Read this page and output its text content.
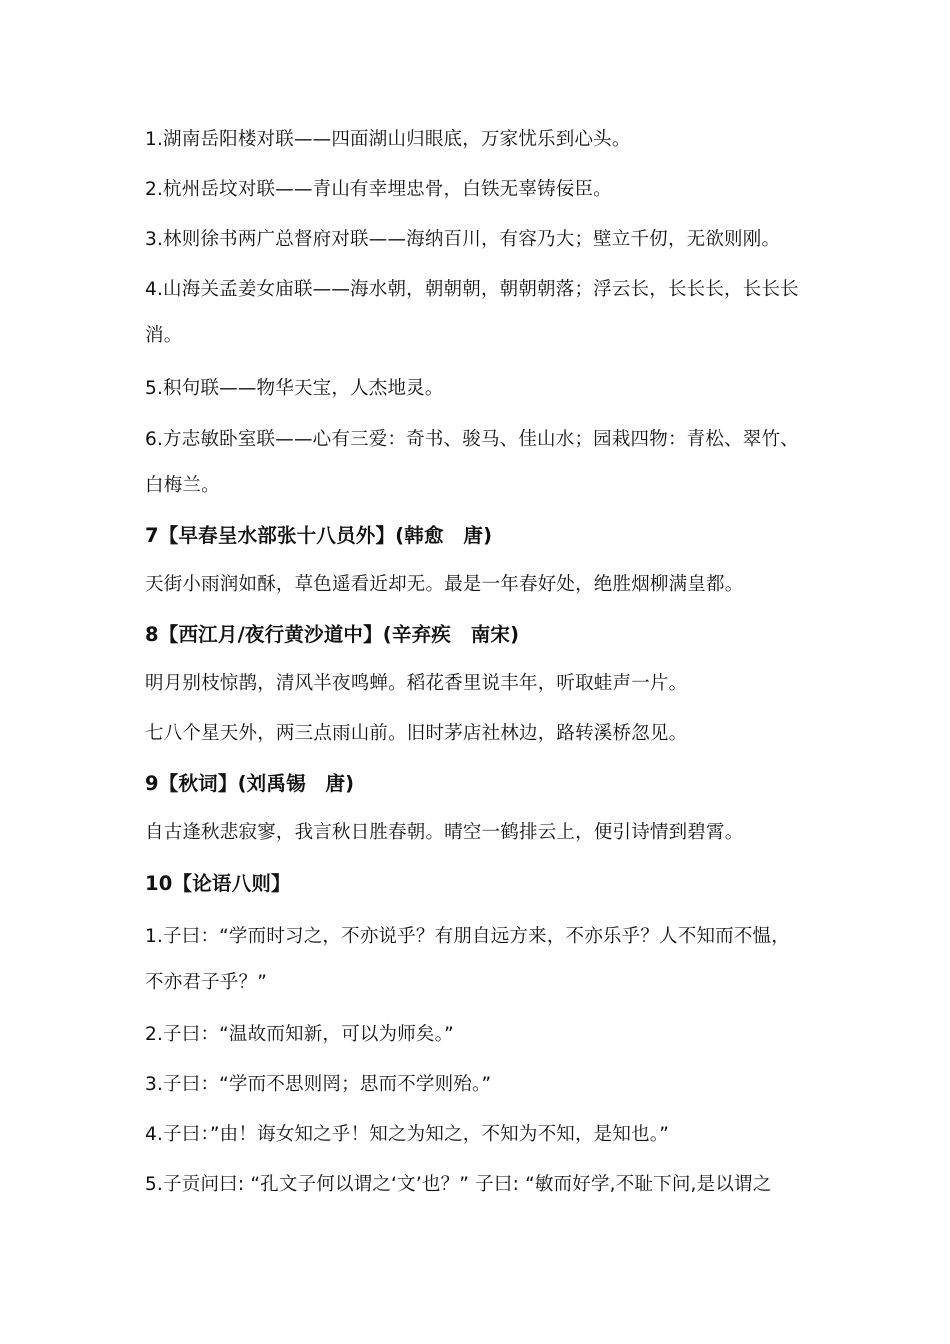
1.湖南岳阳楼对联——四面湖山归眼底，万家忧乐到心头。
2.杭州岳坟对联——青山有幸埋忠骨，白铁无辜铸佞臣。
3.林则徐书两广总督府对联——海纳百川，有容乃大；壁立千仞，无欲则刚。
4.山海关孟姜女庙联——海水朝，朝朝朝，朝朝朝落；浮云长，长长长，长长长
消。
5.积句联——物华天宝，人杰地灵。
6.方志敏卧室联——心有三爱：奇书、骏马、佳山水；园栽四物：青松、翠竹、
白梅兰。
7【早春呈水部张十八员外】(韩愈　唐)
天街小雨润如酥，草色遥看近却无。最是一年春好处，绝胜烟柳满皇都。
8【西江月/夜行黄沙道中】(辛弃疾　南宋)
明月别枝惊鹊，清风半夜鸣蝉。稻花香里说丰年，听取蛙声一片。
七八个星天外，两三点雨山前。旧时茅店社林边，路转溪桥忽见。
9【秋词】(刘禹锡　唐)
自古逢秋悲寂寥，我言秋日胜春朝。晴空一鹤排云上，便引诗情到碧霄。
10【论语八则】
1.子曰：“学而时习之，不亦说乎？有朋自远方来，不亦乐乎？人不知而不愠，
不亦君子乎？”
2.子曰：“温故而知新，可以为师矣。”
3.子曰：“学而不思则罔；思而不学则殆。”
4.子曰：”由！诲女知之乎！知之为知之，不知为不知，是知也。”
5.子贡问曰: “孔文子何以谓之‘文’也？” 子曰: “敏而好学,不耻下问,是以谓之
